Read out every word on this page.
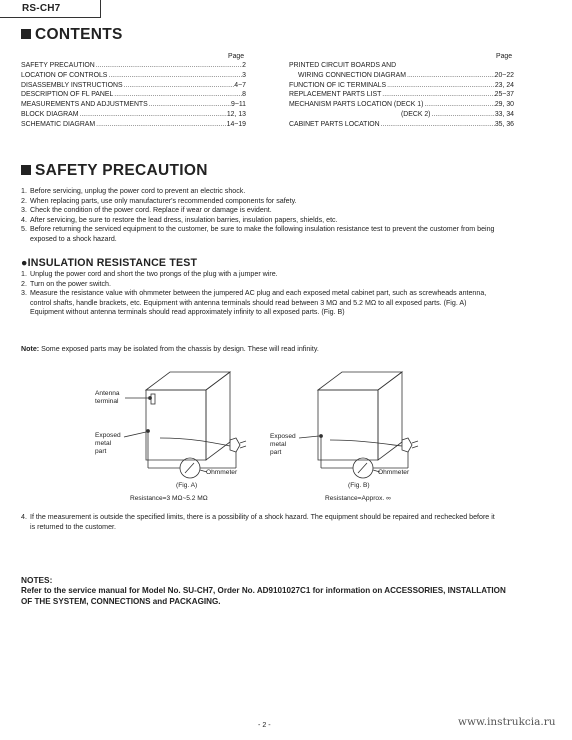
RS-CH7
CONTENTS
Page	Page
SAFETY PRECAUTION .....	2
LOCATION OF CONTROLS .....	3
DISASSEMBLY INSTRUCTIONS .....	4~7
DESCRIPTION OF FL PANEL .....	8
MEASUREMENTS AND ADJUSTMENTS .....	9~11
BLOCK DIAGRAM .....	12, 13
SCHEMATIC DIAGRAM .....	14~19
PRINTED CIRCUIT BOARDS AND
WIRING CONNECTION DIAGRAM .....	20~22
FUNCTION OF IC TERMINALS .....	23, 24
REPLACEMENT PARTS LIST .....	25~37
MECHANISM PARTS LOCATION (DECK 1) .....	29, 30
(DECK 2) .....	33, 34
CABINET PARTS LOCATION .....	35, 36
SAFETY PRECAUTION
1. Before servicing, unplug the power cord to prevent an electric shock.
2. When replacing parts, use only manufacturer's recommended components for safety.
3. Check the condition of the power cord. Replace if wear or damage is evident.
4. After servicing, be sure to restore the lead dress, insulation barries, insulation papers, shields, etc.
5. Before returning the serviced equipment to the customer, be sure to make the following insulation resistance test to prevent the customer from being exposed to a shock hazard.
●INSULATION RESISTANCE TEST
1. Unplug the power cord and short the two prongs of the plug with a jumper wire.
2. Turn on the power switch.
3. Measure the resistance value with ohmmeter between the jumpered AC plug and each exposed metal cabinet part, such as screwheads antenna, control shafts, handle brackets, etc. Equipment with antenna terminals should read between 3 MΩ and 5.2 MΩ to all exposed parts. (Fig. A) Equipment without antenna terminals should read approximately infinity to all exposed parts. (Fig. B)
Note: Some exposed parts may be isolated from the chassis by design. These will read infinity.
Antenna
terminal
Exposed
metal
part
Ohmmeter
(Fig. A)
Resistance=3 MΩ~5.2 MΩ
Exposed
metal
part
Ohmmeter
(Fig. B)
Resistance=Approx. ∞
4. If the measurement is outside the specified limits, there is a possibility of a shock hazard. The equipment should be repaired and rechecked before it is returned to the customer.
NOTES:
Refer to the service manual for Model No. SU-CH7, Order No. AD9101027C1 for information on ACCESSORIES, INSTALLATION OF THE SYSTEM, CONNECTIONS and PACKAGING.
- 2 -	www.instrukcia.ru
